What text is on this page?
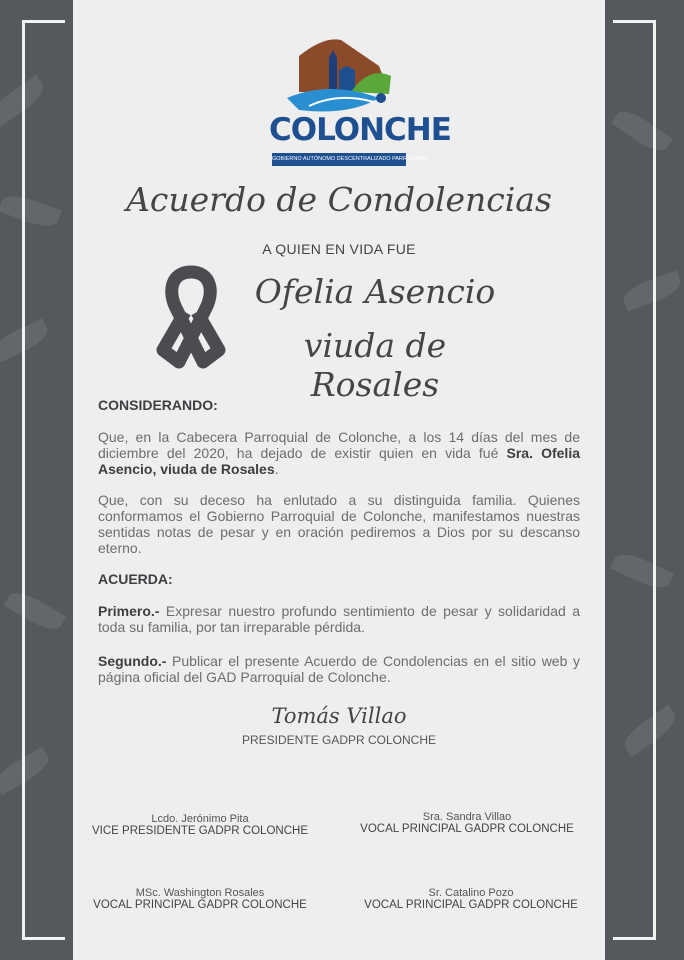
COLONCHE
GOBIERNO AUTÓNOMO DESCENTRALIZADO PARROQUIAL
Acuerdo de Condolencias
A QUIEN EN VIDA FUE
Ofelia Asencio
viuda de Rosales
CONSIDERANDO:

Que, en la Cabecera Parroquial de Colonche, a los 14 días del mes de diciembre del 2020, ha dejado de existir quien en vida fué Sra. Ofelia Asencio, viuda de Rosales.

Que, con su deceso ha enlutado a su distinguida familia. Quienes conformamos el Gobierno Parroquial de Colonche, manifestamos nuestras sentidas notas de pesar y en oración pediremos a Dios por su descanso eterno.

ACUERDA:

Primero.- Expresar nuestro profundo sentimiento de pesar y solidaridad a toda su familia, por tan irreparable pérdida.

Segundo.- Publicar el presente Acuerdo de Condolencias en el sitio web y página oficial del GAD Parroquial de Colonche.

Tomás Villao
PRESIDENTE GADPR COLONCHE
Lcdo. Jerónimo Pita
VICE PRESIDENTE GADPR COLONCHE
Sra. Sandra Villao
VOCAL PRINCIPAL GADPR COLONCHE
MSc. Washington Rosales
VOCAL PRINCIPAL GADPR COLONCHE
Sr. Catalino Pozo
VOCAL PRINCIPAL GADPR COLONCHE
